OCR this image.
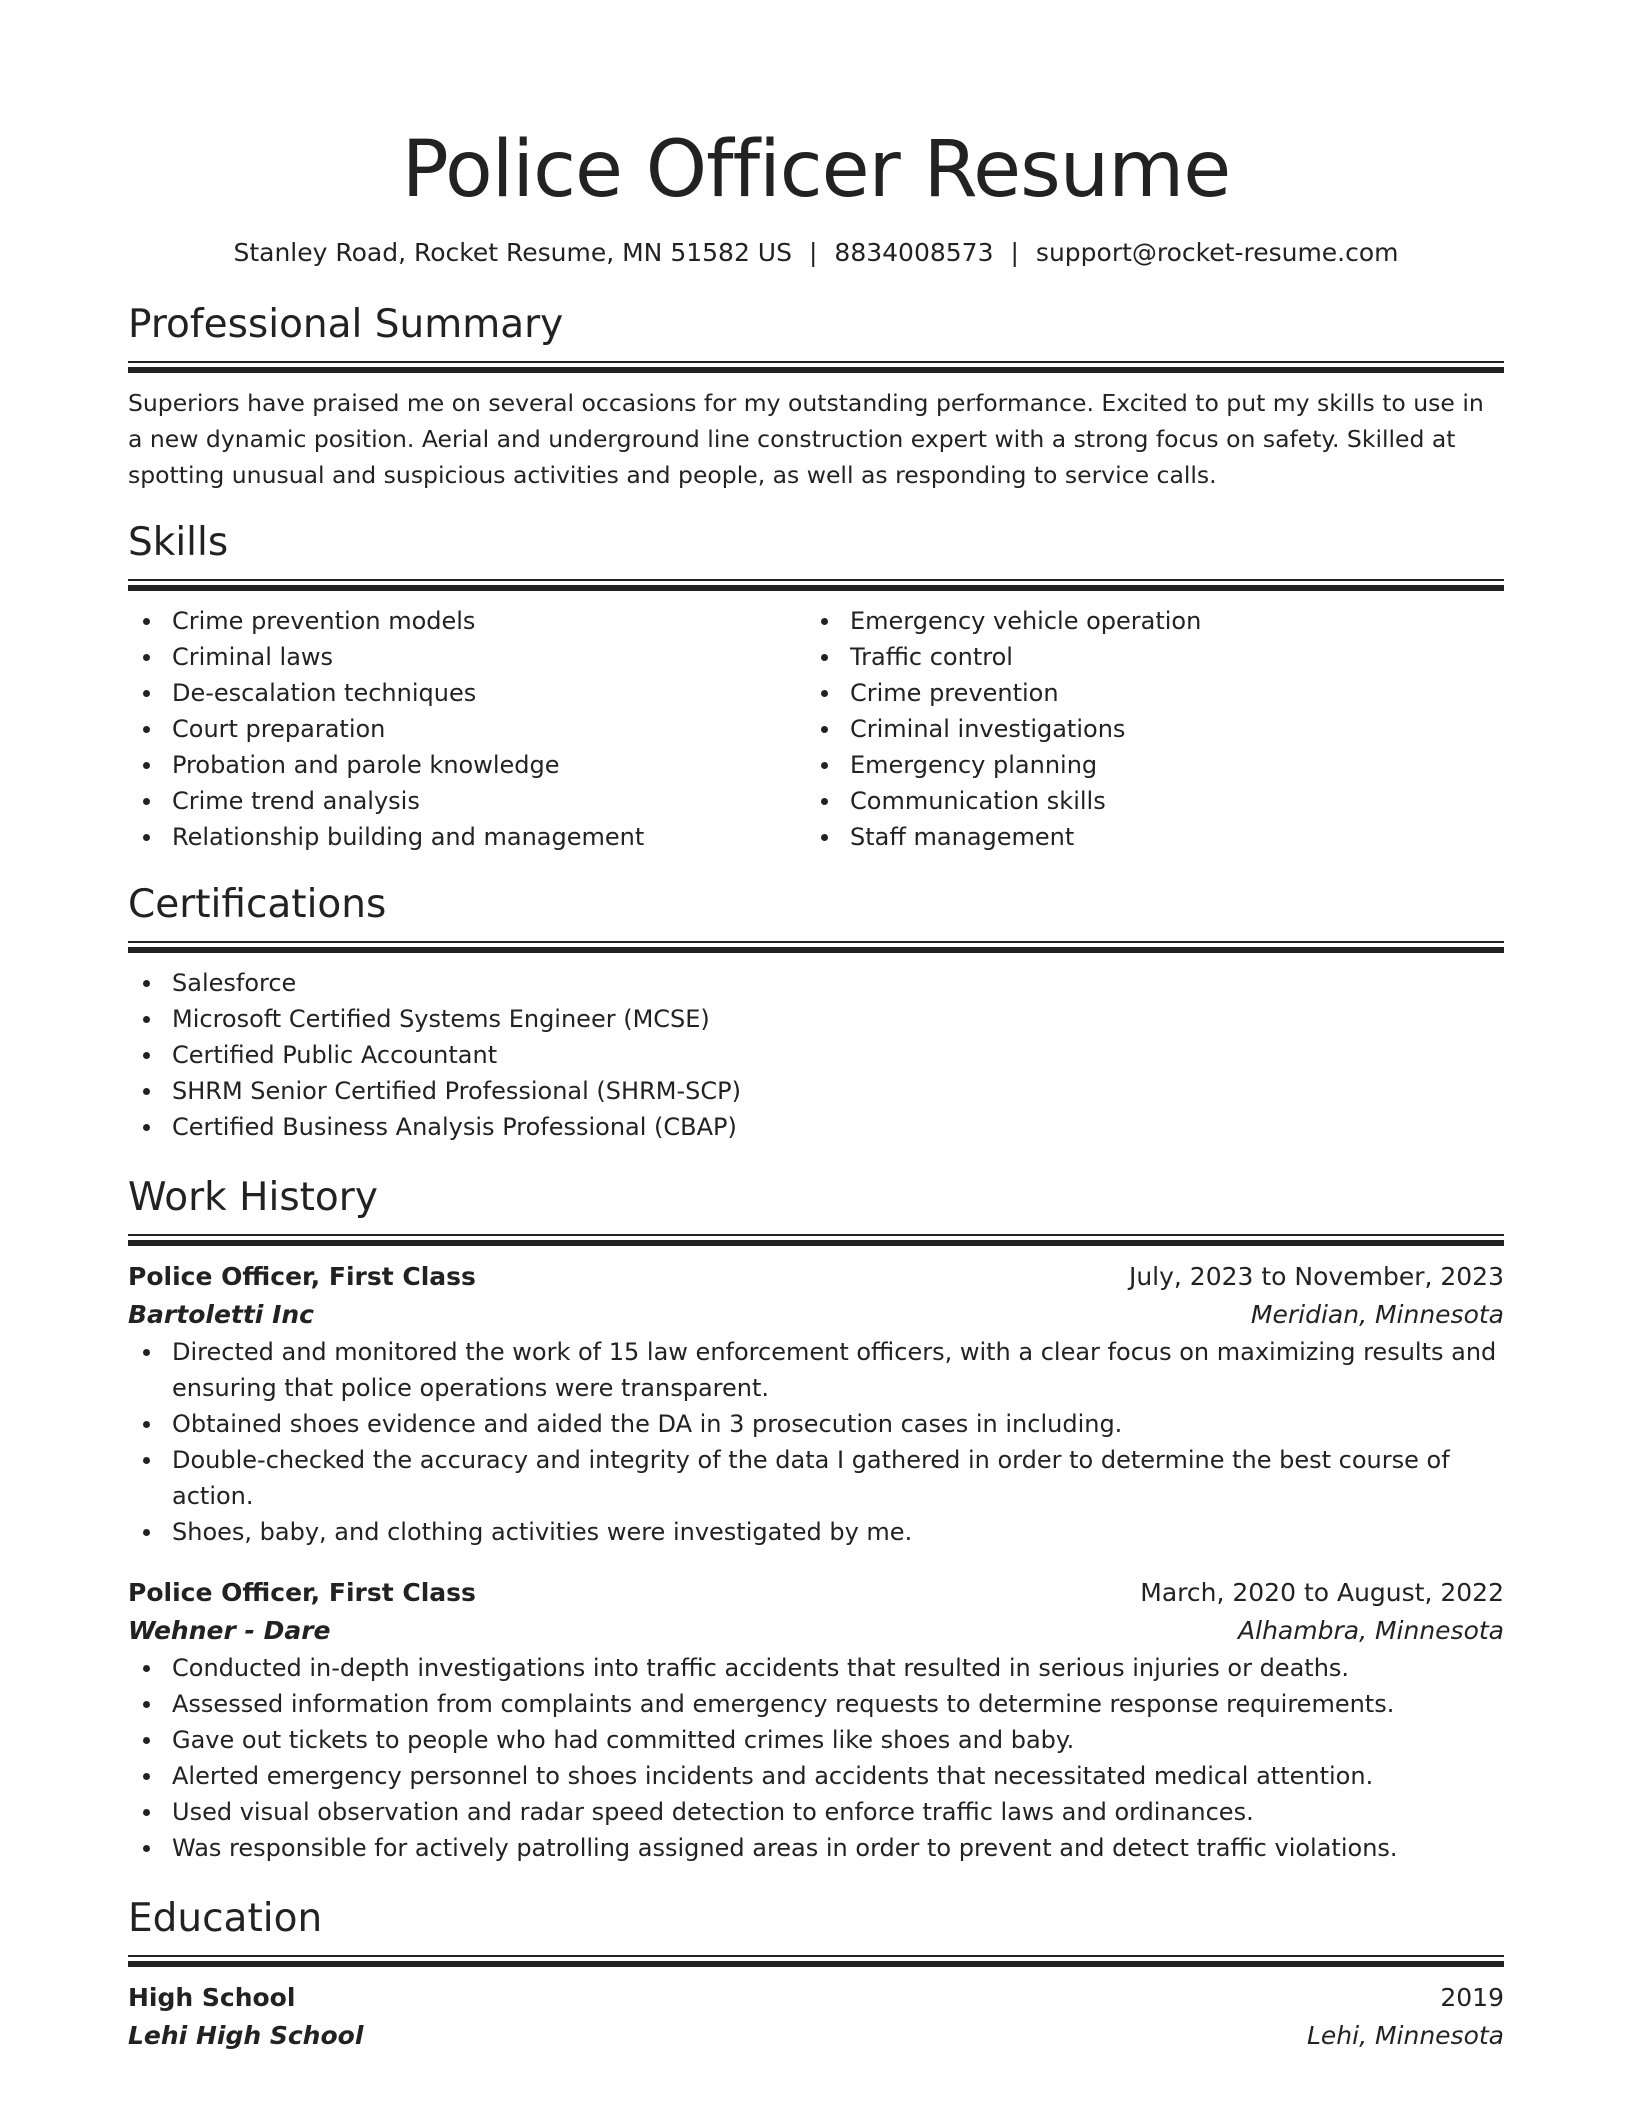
Police Officer Resume
Stanley Road, Rocket Resume, MN 51582 US | 8834008573 | support@rocket-resume.com
Professional Summary

Superiors have praised me on several occasions for my outstanding performance. Excited to put my skills to use in a new dynamic position. Aerial and underground line construction expert with a strong focus on safety. Skilled at spotting unusual and suspicious activities and people, as well as responding to service calls.

Skills
Crime prevention models
Criminal laws
De-escalation techniques
Court preparation
Probation and parole knowledge
Crime trend analysis
Relationship building and management
Emergency vehicle operation
Traffic control
Crime prevention
Criminal investigations
Emergency planning
Communication skills
Staff management
Certifications
Salesforce
Microsoft Certified Systems Engineer (MCSE)
Certified Public Accountant
SHRM Senior Certified Professional (SHRM-SCP)
Certified Business Analysis Professional (CBAP)
Work History
Police Officer, First Class	July, 2023 to November, 2023
Bartoletti Inc	Meridian, Minnesota
Directed and monitored the work of 15 law enforcement officers, with a clear focus on maximizing results and ensuring that police operations were transparent.
Obtained shoes evidence and aided the DA in 3 prosecution cases in including.
Double-checked the accuracy and integrity of the data I gathered in order to determine the best course of action.
Shoes, baby, and clothing activities were investigated by me.
Police Officer, First Class	March, 2020 to August, 2022
Wehner - Dare	Alhambra, Minnesota
Conducted in-depth investigations into traffic accidents that resulted in serious injuries or deaths.
Assessed information from complaints and emergency requests to determine response requirements.
Gave out tickets to people who had committed crimes like shoes and baby.
Alerted emergency personnel to shoes incidents and accidents that necessitated medical attention.
Used visual observation and radar speed detection to enforce traffic laws and ordinances.
Was responsible for actively patrolling assigned areas in order to prevent and detect traffic violations.
Education
High School	2019
Lehi High School	Lehi, Minnesota
